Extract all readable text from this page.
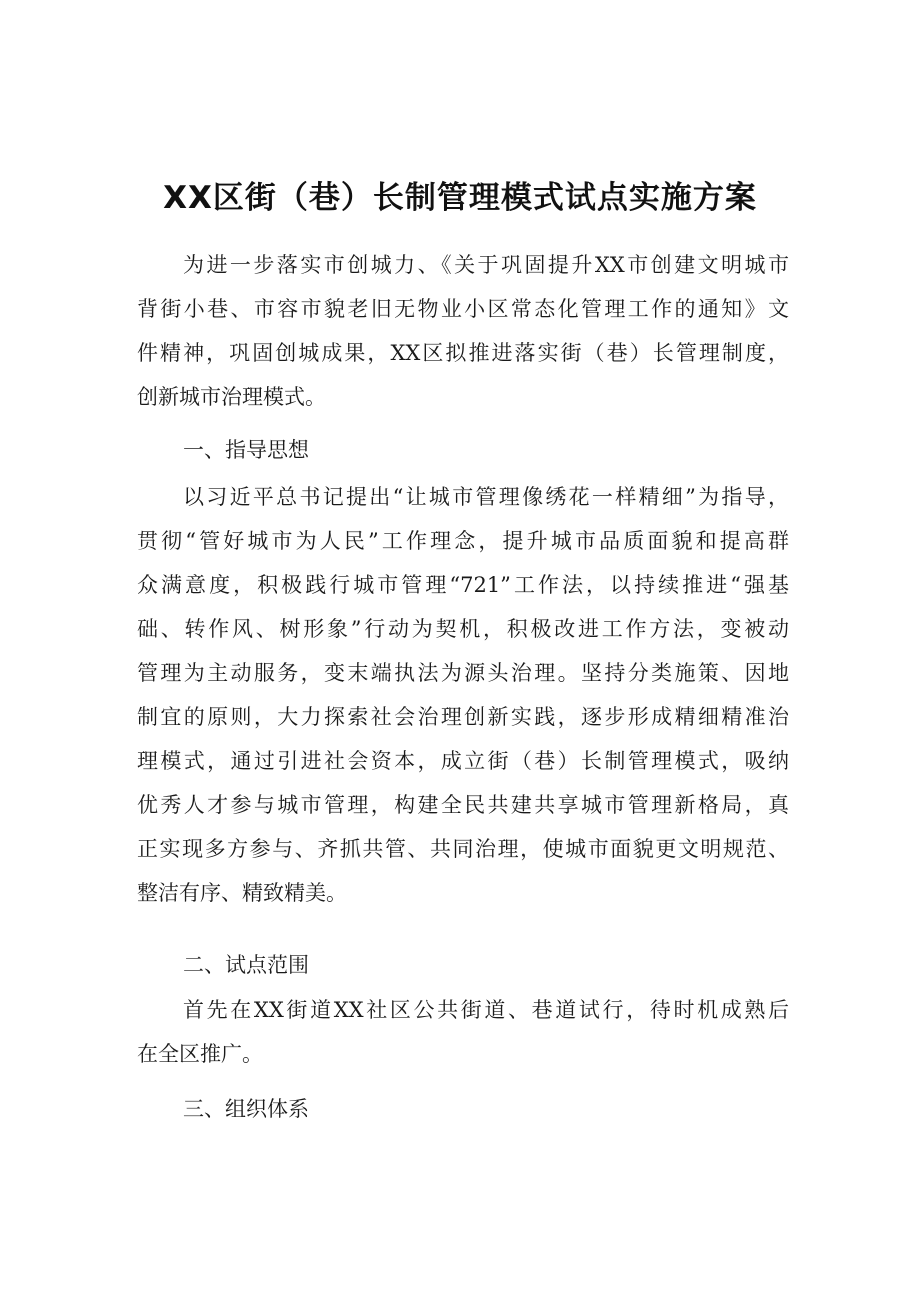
XX区街（巷）长制管理模式试点实施方案
为进一步落实市创城力、《关于巩固提升XX市创建文明城市
背街小巷、市容市貌老旧无物业小区常态化管理工作的通知》文
件精神，巩固创城成果，XX区拟推进落实街（巷）长管理制度，
创新城市治理模式。
一、指导思想
以习近平总书记提出“让城市管理像绣花一样精细”为指导，
贯彻“管好城市为人民”工作理念，提升城市品质面貌和提高群
众满意度，积极践行城市管理“721”工作法，以持续推进“强基
础、转作风、树形象”行动为契机，积极改进工作方法，变被动
管理为主动服务，变末端执法为源头治理。坚持分类施策、因地
制宜的原则，大力探索社会治理创新实践，逐步形成精细精准治
理模式，通过引进社会资本，成立街（巷）长制管理模式，吸纳
优秀人才参与城市管理，构建全民共建共享城市管理新格局，真
正实现多方参与、齐抓共管、共同治理，使城市面貌更文明规范、
整洁有序、精致精美。
二、试点范围
首先在XX街道XX社区公共街道、巷道试行，待时机成熟后
在全区推广。
三、组织体系
